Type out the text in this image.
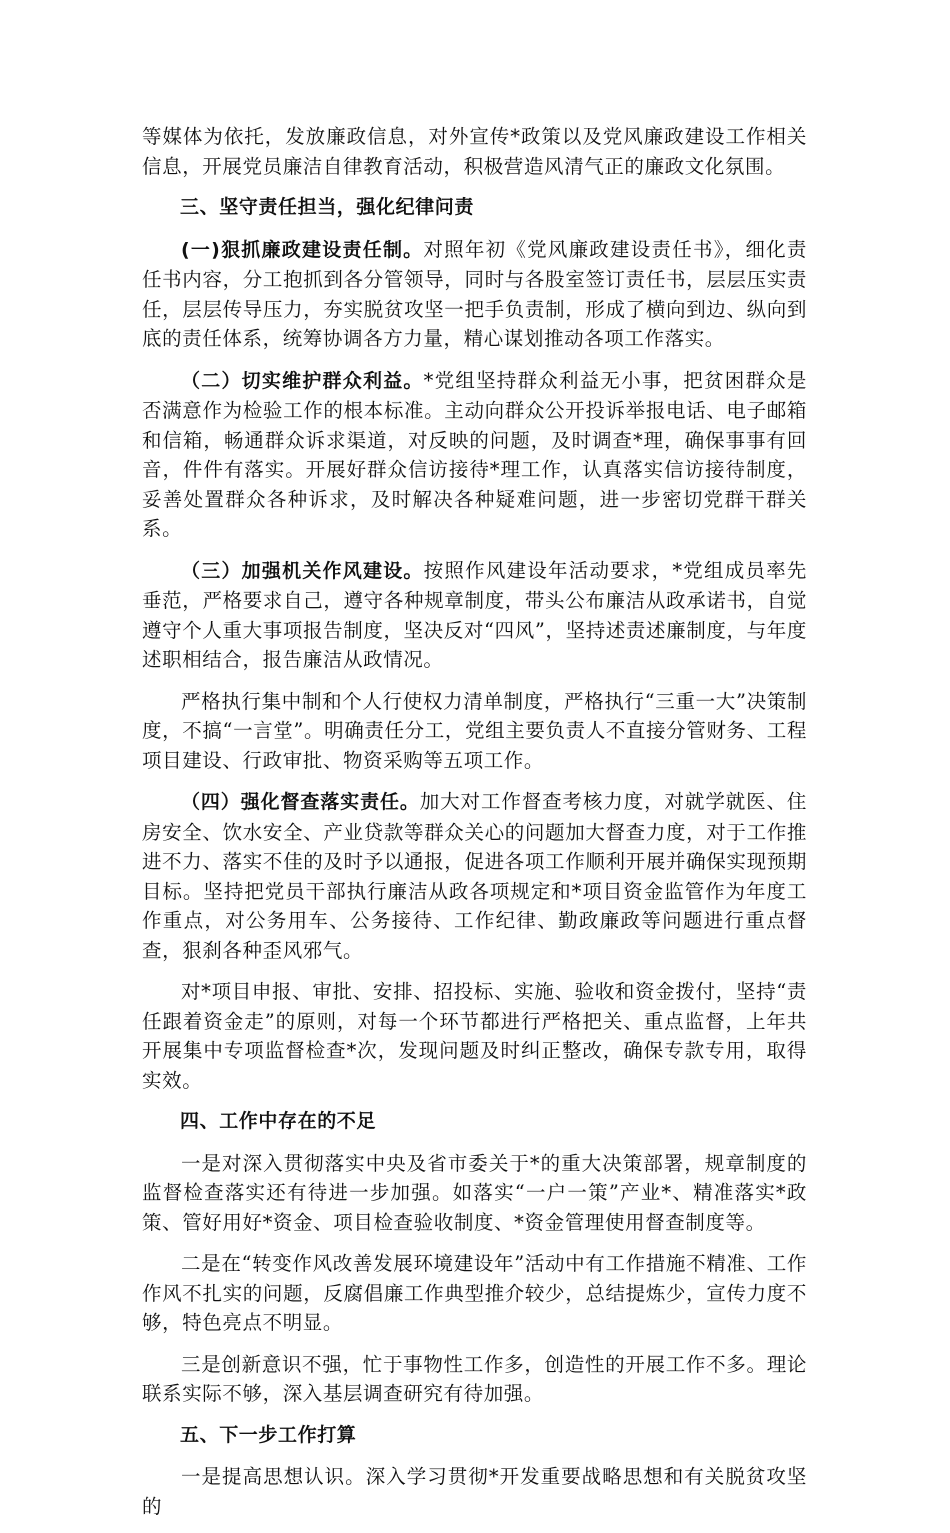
等媒体为依托，发放廉政信息，对外宣传*政策以及党风廉政建设工作相关信息，开展党员廉洁自律教育活动，积极营造风清气正的廉政文化氛围。

三、坚守责任担当，强化纪律问责

(一)狠抓廉政建设责任制。对照年初《党风廉政建设责任书》，细化责任书内容，分工抱抓到各分管领导，同时与各股室签订责任书，层层压实责任，层层传导压力，夯实脱贫攻坚一把手负责制，形成了横向到边、纵向到底的责任体系，统筹协调各方力量，精心谋划推动各项工作落实。

（二）切实维护群众利益。*党组坚持群众利益无小事，把贫困群众是否满意作为检验工作的根本标准。主动向群众公开投诉举报电话、电子邮箱和信箱，畅通群众诉求渠道，对反映的问题，及时调查*理，确保事事有回音，件件有落实。开展好群众信访接待*理工作，认真落实信访接待制度，妥善处置群众各种诉求，及时解决各种疑难问题，进一步密切党群干群关系。

（三）加强机关作风建设。按照作风建设年活动要求，*党组成员率先垂范，严格要求自己，遵守各种规章制度，带头公布廉洁从政承诺书，自觉遵守个人重大事项报告制度，坚决反对“四风”，坚持述责述廉制度，与年度述职相结合，报告廉洁从政情况。

严格执行集中制和个人行使权力清单制度，严格执行“三重一大”决策制度，不搞“一言堂”。明确责任分工，党组主要负责人不直接分管财务、工程项目建设、行政审批、物资采购等五项工作。

（四）强化督查落实责任。加大对工作督查考核力度，对就学就医、住房安全、饮水安全、产业贷款等群众关心的问题加大督查力度，对于工作推进不力、落实不佳的及时予以通报，促进各项工作顺利开展并确保实现预期目标。坚持把党员干部执行廉洁从政各项规定和*项目资金监管作为年度工作重点，对公务用车、公务接待、工作纪律、勤政廉政等问题进行重点督查，狠刹各种歪风邪气。

对*项目申报、审批、安排、招投标、实施、验收和资金拨付，坚持“责任跟着资金走”的原则，对每一个环节都进行严格把关、重点监督，上年共开展集中专项监督检查*次，发现问题及时纠正整改，确保专款专用，取得实效。

四、工作中存在的不足

一是对深入贯彻落实中央及省市委关于*的重大决策部署，规章制度的监督检查落实还有待进一步加强。如落实“一户一策”产业*、精准落实*政策、管好用好*资金、项目检查验收制度、*资金管理使用督查制度等。

二是在“转变作风改善发展环境建设年”活动中有工作措施不精准、工作作风不扎实的问题，反腐倡廉工作典型推介较少，总结提炼少，宣传力度不够，特色亮点不明显。

三是创新意识不强，忙于事物性工作多，创造性的开展工作不多。理论联系实际不够，深入基层调查研究有待加强。

五、下一步工作打算

一是提高思想认识。深入学习贯彻*开发重要战略思想和有关脱贫攻坚的
